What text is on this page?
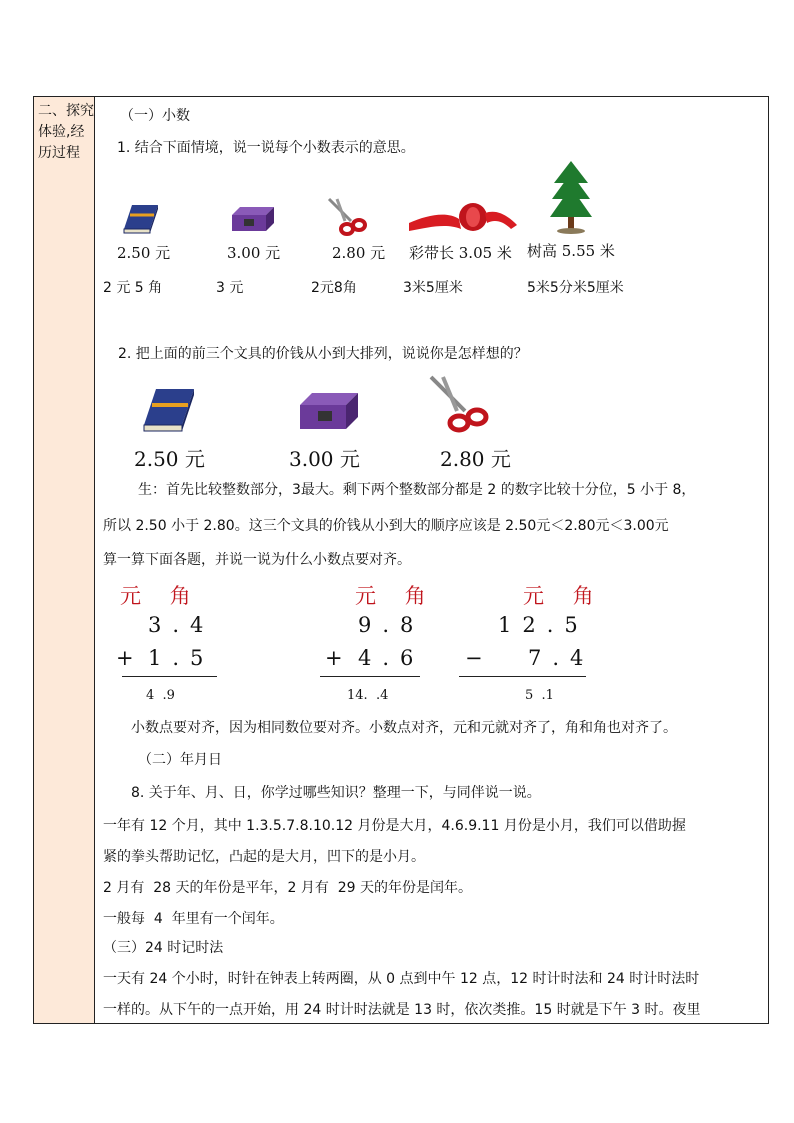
二、探究体验,经历过程
（一）小数
1. 结合下面情境，说一说每个小数表示的意思。
2.50 元	3.00 元	2.80 元 彩带长 3.05 米 树高 5.55 米
2 元 5 角	3 元	2元8角	3米5厘米	5米5分米5厘米
2. 把上面的前三个文具的价钱从小到大排列，说说你是怎样想的？
2.50 元	3.00 元	2.80 元
生：首先比较整数部分，3最大。剩下两个整数部分都是 2 的数字比较十分位，5 小于 8，
所以 2.50 小于 2.80。这三个文具的价钱从小到大的顺序应该是 2.50元＜2.80元＜3.00元
算一算下面各题，并说一说为什么小数点要对齐。
元 角
3.4
+ 1.5
4  .9
元 角
9.8
+ 4.6
14.  .4
元 角
12.5
− 7.4
5  .1
小数点要对齐，因为相同数位要对齐。小数点对齐，元和元就对齐了，角和角也对齐了。
（二）年月日
8. 关于年、月、日，你学过哪些知识？整理一下，与同伴说一说。
一年有 12 个月，其中 1.3.5.7.8.10.12 月份是大月，4.6.9.11 月份是小月，我们可以借助握
紧的拳头帮助记忆，凸起的是大月，凹下的是小月。
2 月有  28 天的年份是平年，2 月有  29 天的年份是闰年。
一般每  4  年里有一个闰年。
（三）24 时记时法
一天有 24 个小时，时针在钟表上转两圈，从 0 点到中午 12 点，12 时计时法和 24 时计时法时
一样的。从下午的一点开始，用 24 时计时法就是 13 时，依次类推。15 时就是下午 3 时。夜里
